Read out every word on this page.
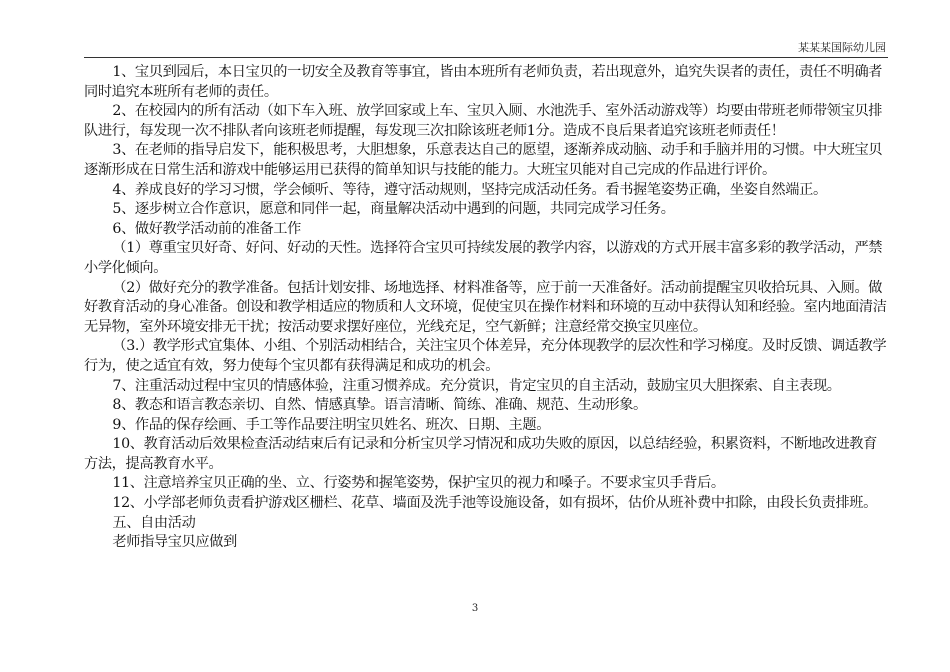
某某某国际幼儿园

1、宝贝到园后，本日宝贝的一切安全及教育等事宜，皆由本班所有老师负责，若出现意外，追究失误者的责任，责任不明确者同时追究本班所有老师的责任。

2、在校园内的所有活动（如下车入班、放学回家或上车、宝贝入厕、水池洗手、室外活动游戏等）均要由带班老师带领宝贝排队进行，每发现一次不排队者向该班老师提醒，每发现三次扣除该班老师1分。造成不良后果者追究该班老师责任！

3、在老师的指导启发下，能积极思考，大胆想象，乐意表达自己的愿望，逐渐养成动脑、动手和手脑并用的习惯。中大班宝贝逐渐形成在日常生活和游戏中能够运用已获得的简单知识与技能的能力。大班宝贝能对自己完成的作品进行评价。

4、养成良好的学习习惯，学会倾听、等待，遵守活动规则，坚持完成活动任务。看书握笔姿势正确，坐姿自然端正。

5、逐步树立合作意识，愿意和同伴一起，商量解决活动中遇到的问题，共同完成学习任务。

6、做好教学活动前的准备工作

（1）尊重宝贝好奇、好问、好动的天性。选择符合宝贝可持续发展的教学内容，以游戏的方式开展丰富多彩的教学活动，严禁小学化倾向。

（2）做好充分的教学准备。包括计划安排、场地选择、材料准备等，应于前一天准备好。活动前提醒宝贝收拾玩具、入厕。做好教育活动的身心准备。创设和教学相适应的物质和人文环境，促使宝贝在操作材料和环境的互动中获得认知和经验。室内地面清洁无异物，室外环境安排无干扰；按活动要求摆好座位，光线充足，空气新鲜；注意经常交换宝贝座位。

（3.）教学形式宜集体、小组、个别活动相结合，关注宝贝个体差异，充分体现教学的层次性和学习梯度。及时反馈、调适教学行为，使之适宜有效，努力使每个宝贝都有获得满足和成功的机会。

7、注重活动过程中宝贝的情感体验，注重习惯养成。充分赏识，肯定宝贝的自主活动，鼓励宝贝大胆探索、自主表现。

8、教态和语言教态亲切、自然、情感真挚。语言清晰、简练、准确、规范、生动形象。

9、作品的保存绘画、手工等作品要注明宝贝姓名、班次、日期、主题。

10、教育活动后效果检查活动结束后有记录和分析宝贝学习情况和成功失败的原因，以总结经验，积累资料，不断地改进教育方法，提高教育水平。

11、注意培养宝贝正确的坐、立、行姿势和握笔姿势，保护宝贝的视力和嗓子。不要求宝贝手背后。

12、小学部老师负责看护游戏区栅栏、花草、墙面及洗手池等设施设备，如有损坏，估价从班补费中扣除，由段长负责排班。

五、自由活动

老师指导宝贝应做到

3
